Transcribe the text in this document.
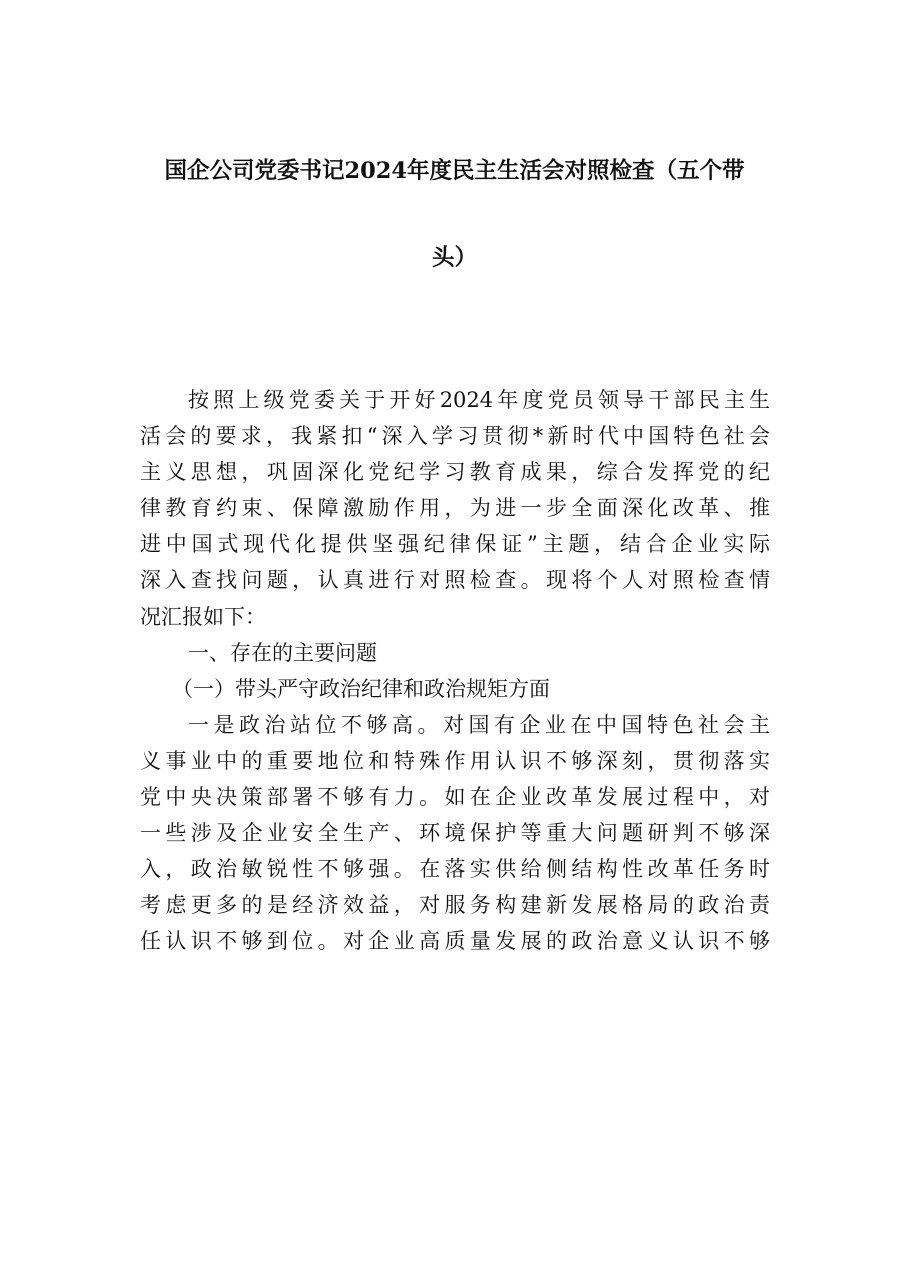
国企公司党委书记2024年度民主生活会对照检查（五个带
头）
按照上级党委关于开好2024年度党员领导干部民主生
活会的要求，我紧扣“深入学习贯彻*新时代中国特色社会
主义思想，巩固深化党纪学习教育成果，综合发挥党的纪
律教育约束、保障激励作用，为进一步全面深化改革、推
进中国式现代化提供坚强纪律保证”主题，结合企业实际
深入查找问题，认真进行对照检查。现将个人对照检查情
况汇报如下：
一、存在的主要问题
（一）带头严守政治纪律和政治规矩方面
一是政治站位不够高。对国有企业在中国特色社会主
义事业中的重要地位和特殊作用认识不够深刻，贯彻落实
党中央决策部署不够有力。如在企业改革发展过程中，对
一些涉及企业安全生产、环境保护等重大问题研判不够深
入，政治敏锐性不够强。在落实供给侧结构性改革任务时
考虑更多的是经济效益，对服务构建新发展格局的政治责
任认识不够到位。对企业高质量发展的政治意义认识不够
